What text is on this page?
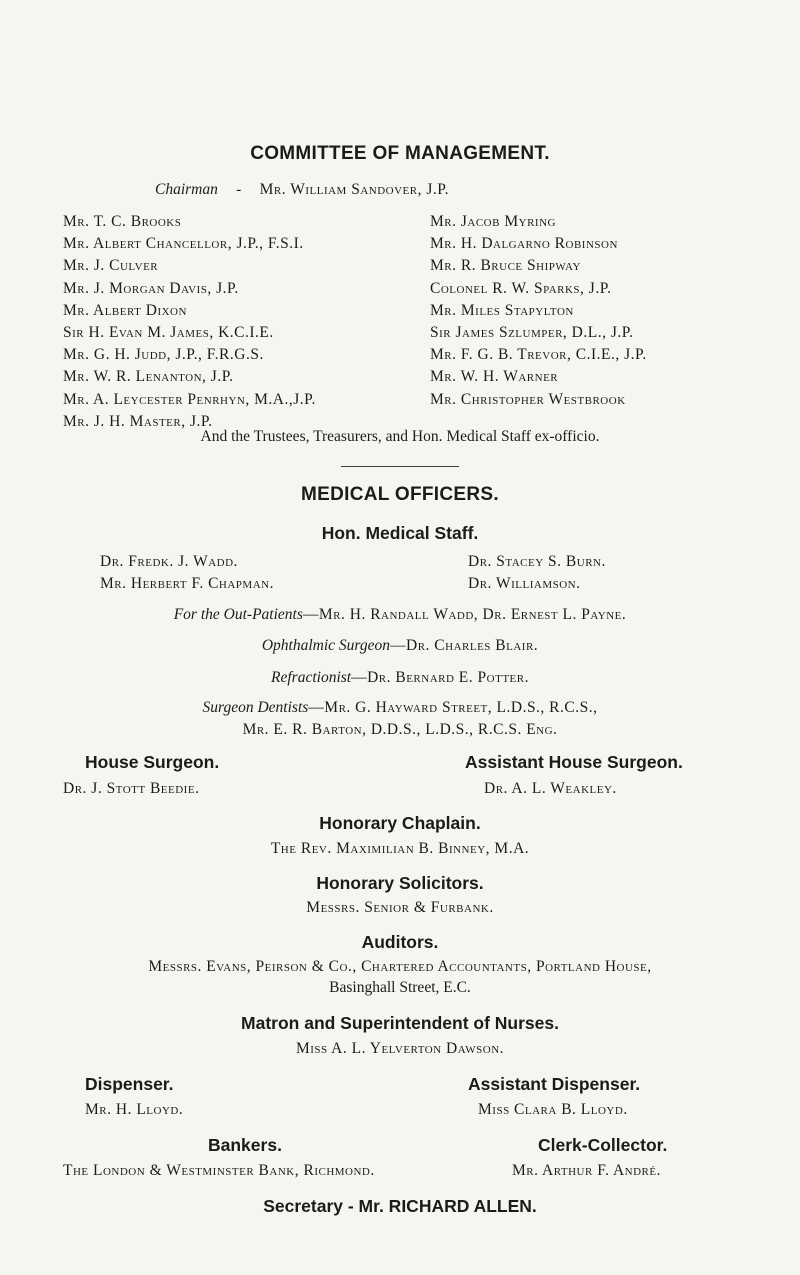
COMMITTEE OF MANAGEMENT.
Chairman - Mr. William Sandover, J.P.
Mr. T. C. Brooks
Mr. Albert Chancellor, J.P., F.S.I.
Mr. J. Culver
Mr. J. Morgan Davis, J.P.
Mr. Albert Dixon
Sir H. Evan M. James, K.C.I.E.
Mr. G. H. Judd, J.P., F.R.G.S.
Mr. W. R. Lenanton, J.P.
Mr. A. Leycester Penrhyn, M.A.,J.P.
Mr. J. H. Master, J.P.
Mr. Jacob Myring
Mr. H. Dalgarno Robinson
Mr. R. Bruce Shipway
Colonel R. W. Sparks, J.P.
Mr. Miles Stapylton
Sir James Szlumper, D.L., J.P.
Mr. F. G. B. Trevor, C.I.E., J.P.
Mr. W. H. Warner
Mr. Christopher Westbrook
And the Trustees, Treasurers, and Hon. Medical Staff ex-officio.
MEDICAL OFFICERS.
Hon. Medical Staff.
Dr. Fredk. J. Wadd.	Dr. Stacey S. Burn.
Mr. Herbert F. Chapman.	Dr. Williamson.
For the Out-Patients—Mr. H. Randall Wadd, Dr. Ernest L. Payne.
Ophthalmic Surgeon—Dr. Charles Blair.
Refractionist—Dr. Bernard E. Potter.
Surgeon Dentists—Mr. G. Hayward Street, L.D.S., R.C.S.,
Mr. E. R. Barton, D.D.S., L.D.S., R.C.S. Eng.
House Surgeon.	Assistant House Surgeon.
Dr. J. Stott Beedie.	Dr. A. L. Weakley.
Honorary Chaplain.
The Rev. Maximilian B. Binney, M.A.
Honorary Solicitors.
Messrs. Senior & Furbank.
Auditors.
Messrs. Evans, Peirson & Co., Chartered Accountants, Portland House,
Basinghall Street, E.C.
Matron and Superintendent of Nurses.
Miss A. L. Yelverton Dawson.
Dispenser.	Assistant Dispenser.
Mr. H. Lloyd.	Miss Clara B. Lloyd.
Bankers.	Clerk-Collector.
The London & Westminster Bank, Richmond.	Mr. Arthur F. André.
Secretary - Mr. RICHARD ALLEN.
